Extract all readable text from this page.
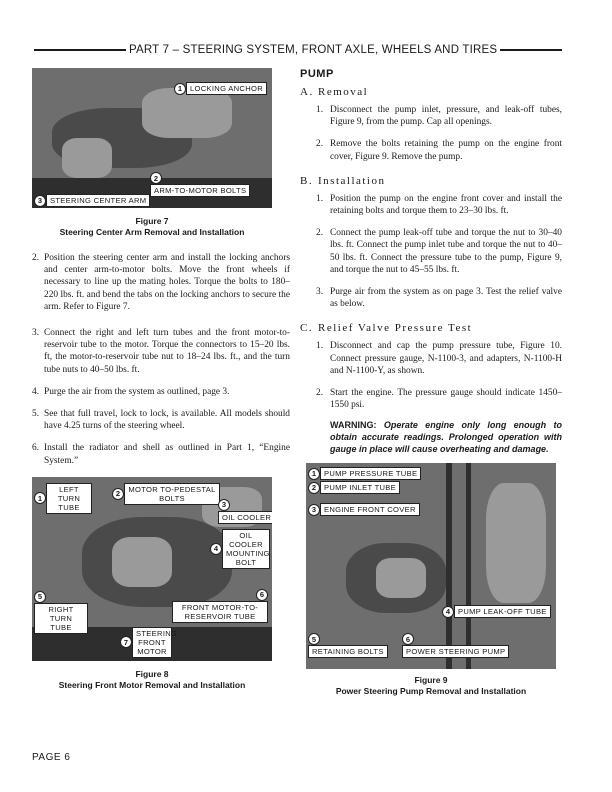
PART 7 – STEERING SYSTEM, FRONT AXLE, WHEELS AND TIRES
1	LOCKING ANCHOR
2
ARM-TO-MOTOR BOLTS
3	STEERING CENTER ARM
Figure 7
Steering Center Arm Removal and Installation
2. Position the steering center arm and install the locking anchors and center arm-to-motor bolts. Move the front wheels if necessary to line up the mating holes. Torque the bolts to 180–220 lbs. ft. and bend the tabs on the locking anchors to secure the arm. Refer to Figure 7.
3. Connect the right and left turn tubes and the front motor-to-reservoir tube to the motor. Torque the connectors to 15–20 lbs. ft, the motor-to-reservoir tube nut to 18–24 lbs. ft., and the turn tube nuts to 40–50 lbs. ft.
4. Purge the air from the system as outlined, page 3.
5. See that full travel, lock to lock, is available. All models should have 4.25 turns of the steering wheel.
6. Install the radiator and shell as outlined in Part 1, “Engine System.”
1
LEFT TURN TUBE
2	MOTOR TO-PEDESTAL BOLTS
3
OIL COOLER
4
OIL COOLER MOUNTING BOLT
5
RIGHT TURN TUBE
6
FRONT MOTOR-TO-RESERVOIR TUBE
7
STEERING FRONT MOTOR
Figure 8
Steering Front Motor Removal and Installation
PUMP
A. Removal
1. Disconnect the pump inlet, pressure, and leak-off tubes, Figure 9, from the pump. Cap all openings.
2. Remove the bolts retaining the pump on the engine front cover, Figure 9. Remove the pump.
B. Installation
1. Position the pump on the engine front cover and install the retaining bolts and torque them to 23–30 lbs. ft.
2. Connect the pump leak-off tube and torque the nut to 30–40 lbs. ft. Connect the pump inlet tube and torque the nut to 40–50 lbs. ft. Connect the pressure tube to the pump, Figure 9, and torque the nut to 45–55 lbs. ft.
3. Purge air from the system as on page 3. Test the relief valve as below.
C. Relief Valve Pressure Test
1. Disconnect and cap the pump pressure tube, Figure 10. Connect pressure gauge, N-1100-3, and adapters, N-1100-H and N-1100-Y, as shown.
2. Start the engine. The pressure gauge should indicate 1450–1550 psi.
WARNING: Operate engine only long enough to obtain accurate readings. Prolonged operation with gauge in place will cause overheating and damage.
1	PUMP PRESSURE TUBE
2	PUMP INLET TUBE
3	ENGINE FRONT COVER
4	PUMP LEAK-OFF TUBE
5
RETAINING BOLTS
6
POWER STEERING PUMP
Figure 9
Power Steering Pump Removal and Installation
PAGE 6
